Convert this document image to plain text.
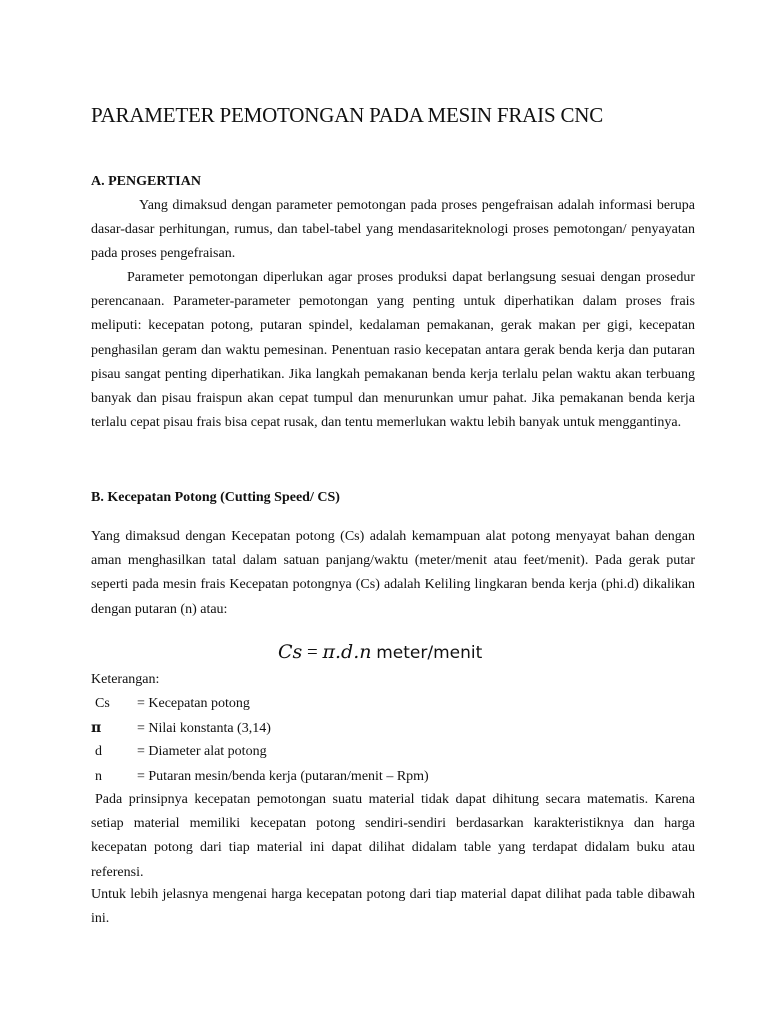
PARAMETER PEMOTONGAN PADA MESIN FRAIS CNC
A. PENGERTIAN

Yang dimaksud dengan parameter pemotongan pada proses pengefraisan adalah informasi berupa dasar-dasar perhitungan, rumus, dan tabel-tabel yang mendasariteknologi proses pemotongan/ penyayatan pada proses pengefraisan.

Parameter pemotongan diperlukan agar proses produksi dapat berlangsung sesuai dengan prosedur perencanaan. Parameter-parameter pemotongan yang penting untuk diperhatikan dalam proses frais meliputi: kecepatan potong, putaran spindel, kedalaman pemakanan, gerak makan per gigi, kecepatan penghasilan geram dan waktu pemesinan. Penentuan rasio kecepatan antara gerak benda kerja dan putaran pisau sangat penting diperhatikan. Jika langkah pemakanan benda kerja terlalu pelan waktu akan terbuang banyak dan pisau fraispun akan cepat tumpul dan menurunkan umur pahat. Jika pemakanan benda kerja terlalu cepat pisau frais bisa cepat rusak, dan tentu memerlukan waktu lebih banyak untuk menggantinya.

B. Kecepatan Potong (Cutting Speed/ CS)

Yang dimaksud dengan Kecepatan potong (Cs) adalah kemampuan alat potong menyayat bahan dengan aman menghasilkan tatal dalam satuan panjang/waktu (meter/menit atau feet/menit). Pada gerak putar seperti pada mesin frais Kecepatan potongnya (Cs) adalah Keliling lingkaran benda kerja (phi.d) dikalikan dengan putaran (n) atau:

Cs = π.d.n meter/menit
Keterangan:
Cs = Kecepatan potong
π	= Nilai konstanta (3,14)
d	= Diameter alat potong
n	= Putaran mesin/benda kerja (putaran/menit – Rpm)

Pada prinsipnya kecepatan pemotongan suatu material tidak dapat dihitung secara matematis. Karena setiap material memiliki kecepatan potong sendiri-sendiri berdasarkan karakteristiknya dan harga kecepatan potong dari tiap material ini dapat dilihat didalam table yang terdapat didalam buku atau referensi.

Untuk lebih jelasnya mengenai harga kecepatan potong dari tiap material dapat dilihat pada table dibawah ini.
